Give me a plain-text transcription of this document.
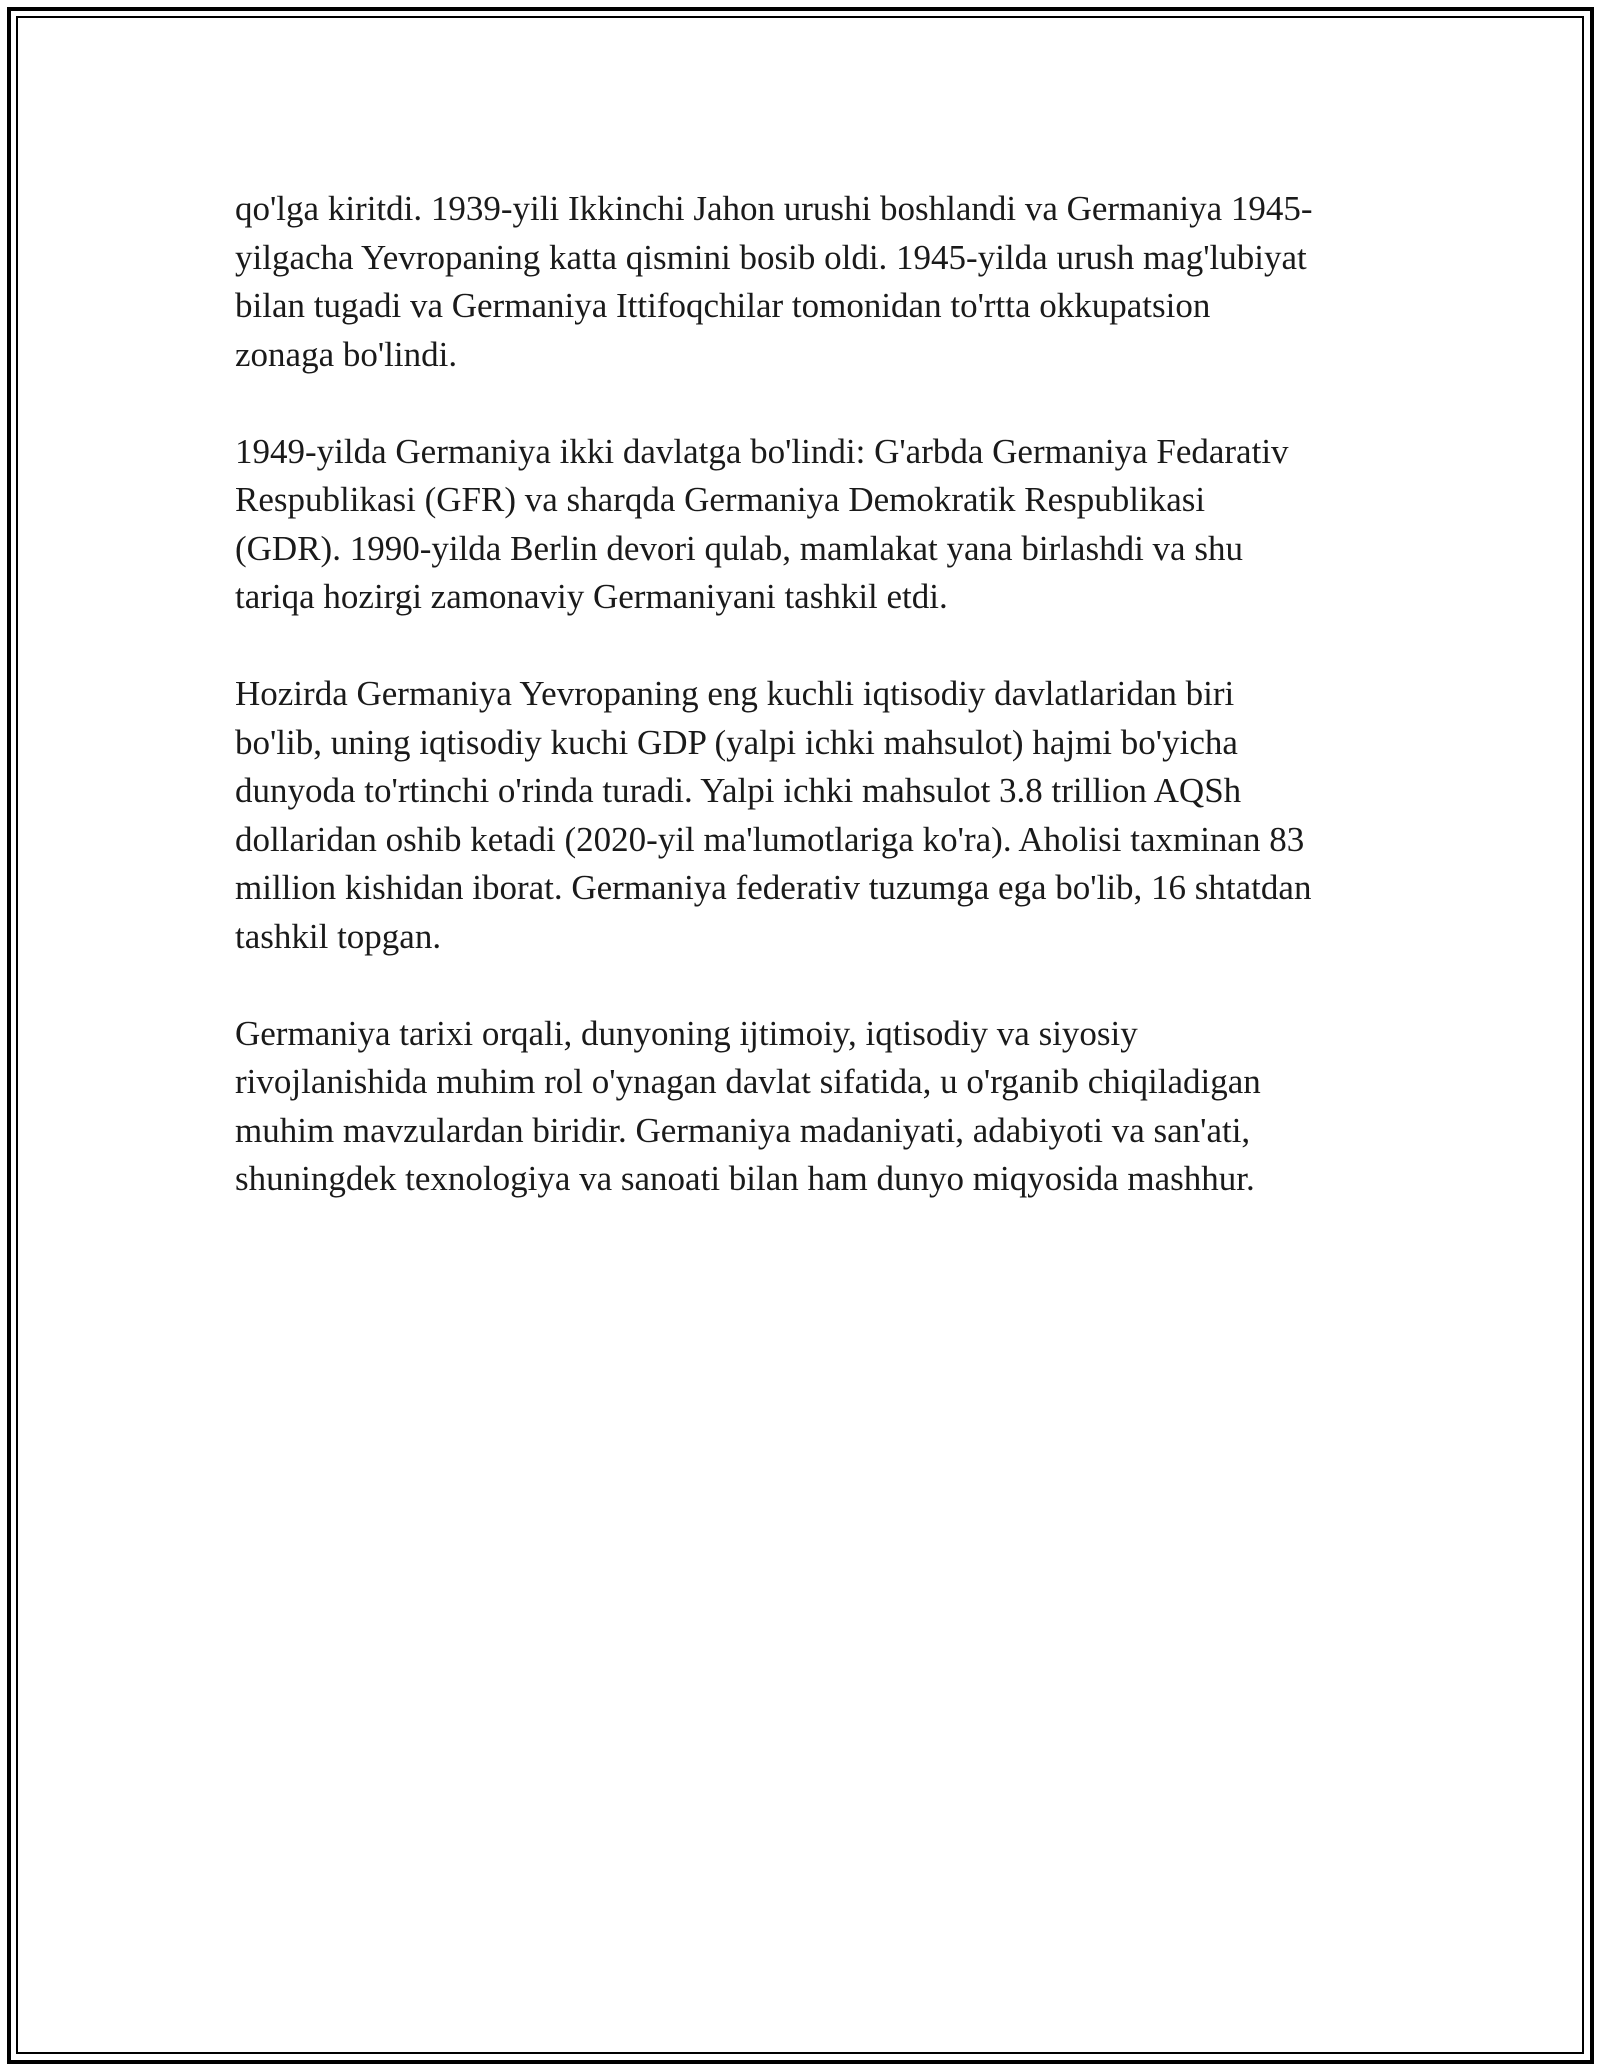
qo'lga kiritdi. 1939-yili Ikkinchi Jahon urushi boshlandi va Germaniya 1945-
yilgacha Yevropaning katta qismini bosib oldi. 1945-yilda urush mag'lubiyat
bilan tugadi va Germaniya Ittifoqchilar tomonidan to'rtta okkupatsion
zonaga bo'lindi.

1949-yilda Germaniya ikki davlatga bo'lindi: G'arbda Germaniya Fedarativ
Respublikasi (GFR) va sharqda Germaniya Demokratik Respublikasi
(GDR). 1990-yilda Berlin devori qulab, mamlakat yana birlashdi va shu
tariqa hozirgi zamonaviy Germaniyani tashkil etdi.

Hozirda Germaniya Yevropaning eng kuchli iqtisodiy davlatlaridan biri
bo'lib, uning iqtisodiy kuchi GDP (yalpi ichki mahsulot) hajmi bo'yicha
dunyoda to'rtinchi o'rinda turadi. Yalpi ichki mahsulot 3.8 trillion AQSh
dollaridan oshib ketadi (2020-yil ma'lumotlariga ko'ra). Aholisi taxminan 83
million kishidan iborat. Germaniya federativ tuzumga ega bo'lib, 16 shtatdan
tashkil topgan.

Germaniya tarixi orqali, dunyoning ijtimoiy, iqtisodiy va siyosiy
rivojlanishida muhim rol o'ynagan davlat sifatida, u o'rganib chiqiladigan
muhim mavzulardan biridir. Germaniya madaniyati, adabiyoti va san'ati,
shuningdek texnologiya va sanoati bilan ham dunyo miqyosida mashhur.
